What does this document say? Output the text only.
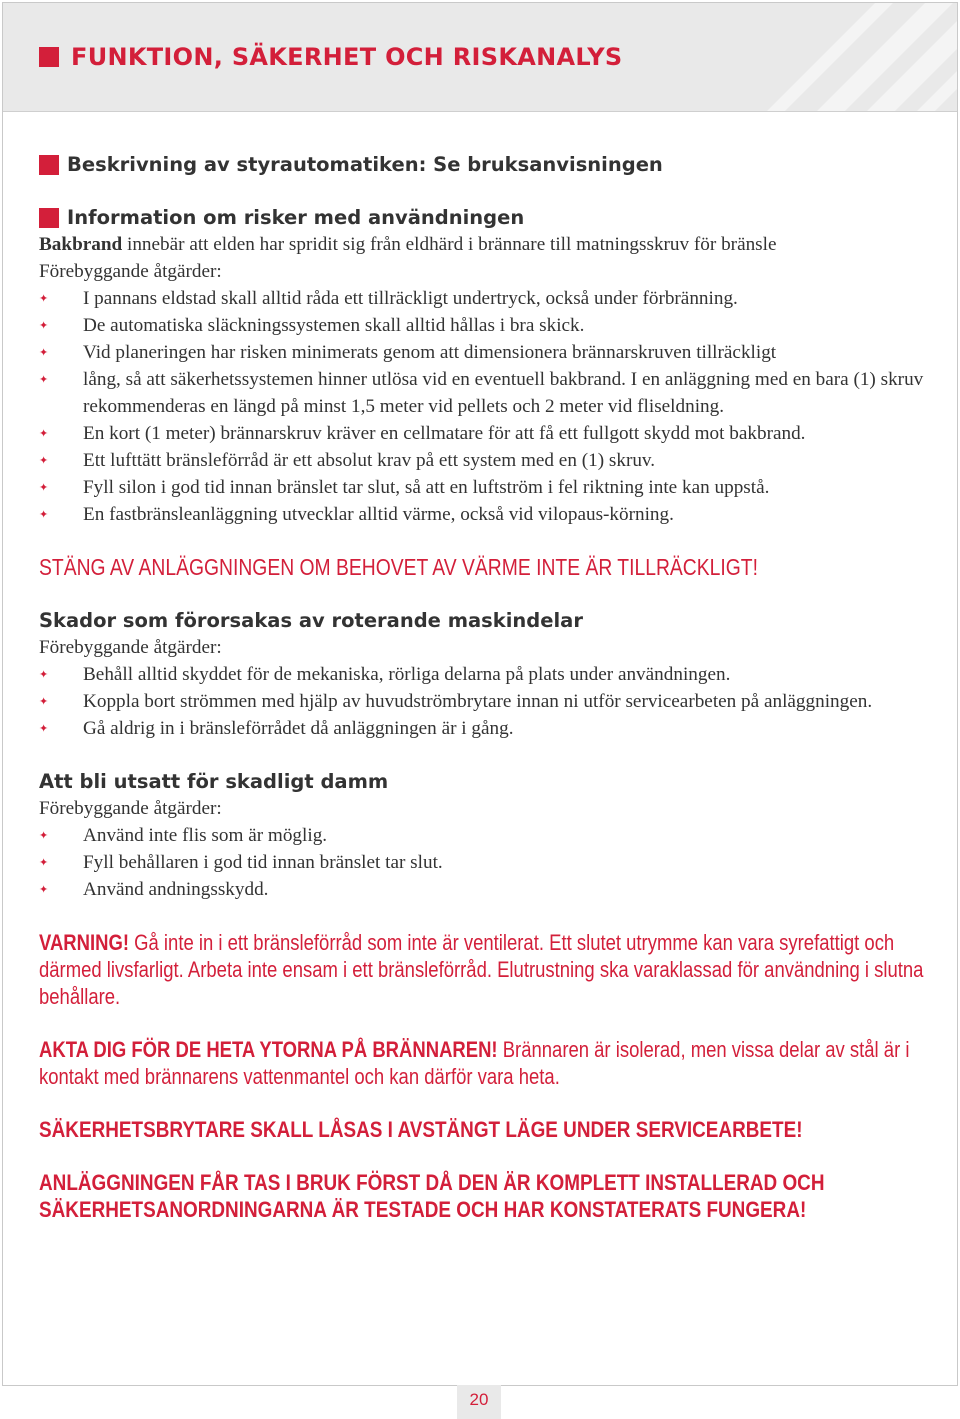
FUNKTION, SÄKERHET OCH RISKANALYS
Beskrivning av styrautomatiken: Se bruksanvisningen
Information om risker med användningen
Bakbrand innebär att elden har spridit sig från eldhärd i brännare till matningsskruv för bränsle
Förebyggande åtgärder:
✦
I pannans eldstad skall alltid råda ett tillräckligt undertryck, också under förbränning.
✦
De automatiska släckningssystemen skall alltid hållas i bra skick.
✦
Vid planeringen har risken minimerats genom att dimensionera brännarskruven tillräckligt
✦
lång, så att säkerhetssystemen hinner utlösa vid en eventuell bakbrand. I en anläggning med en bara (1) skruv rekommenderas en längd på minst 1,5 meter vid pellets och 2 meter vid fliseldning.
✦
En kort (1 meter) brännarskruv kräver en cellmatare för att få ett fullgott skydd mot bakbrand.
✦
Ett lufttätt bränsleförråd är ett absolut krav på ett system med en (1) skruv.
✦
Fyll silon i god tid innan bränslet tar slut, så att en luftström i fel riktning inte kan uppstå.
✦
En fastbränsleanläggning utvecklar alltid värme, också vid vilopaus-körning.
STÄNG AV ANLÄGGNINGEN OM BEHOVET AV VÄRME INTE ÄR TILLRÄCKLIGT!
Skador som förorsakas av roterande maskindelar
Förebyggande åtgärder:
✦
Behåll alltid skyddet för de mekaniska, rörliga delarna på plats under användningen.
✦
Koppla bort strömmen med hjälp av huvudströmbrytare innan ni utför servicearbeten på anläggningen.
✦
Gå aldrig in i bränsleförrådet då anläggningen är i gång.
Att bli utsatt för skadligt damm
Förebyggande åtgärder:
✦
Använd inte flis som är möglig.
✦
Fyll behållaren i god tid innan bränslet tar slut.
✦
Använd andningsskydd.
VARNING! Gå inte in i ett bränsleförråd som inte är ventilerat. Ett slutet utrymme kan vara syrefattigt och därmed livsfarligt. Arbeta inte ensam i ett bränsleförråd. Elutrustning ska varaklassad för användning i slutna behållare.
AKTA DIG FÖR DE HETA YTORNA PÅ BRÄNNAREN! Brännaren är isolerad, men vissa delar av stål är i kontakt med brännarens vattenmantel och kan därför vara heta.
SÄKERHETSBRYTARE SKALL LÅSAS I AVSTÄNGT LÄGE UNDER SERVICEARBETE!
ANLÄGGNINGEN FÅR TAS I BRUK FÖRST DÅ DEN ÄR KOMPLETT INSTALLERAD OCH
SÄKERHETSANORDNINGARNA ÄR TESTADE OCH HAR KONSTATERATS FUNGERA!
20
